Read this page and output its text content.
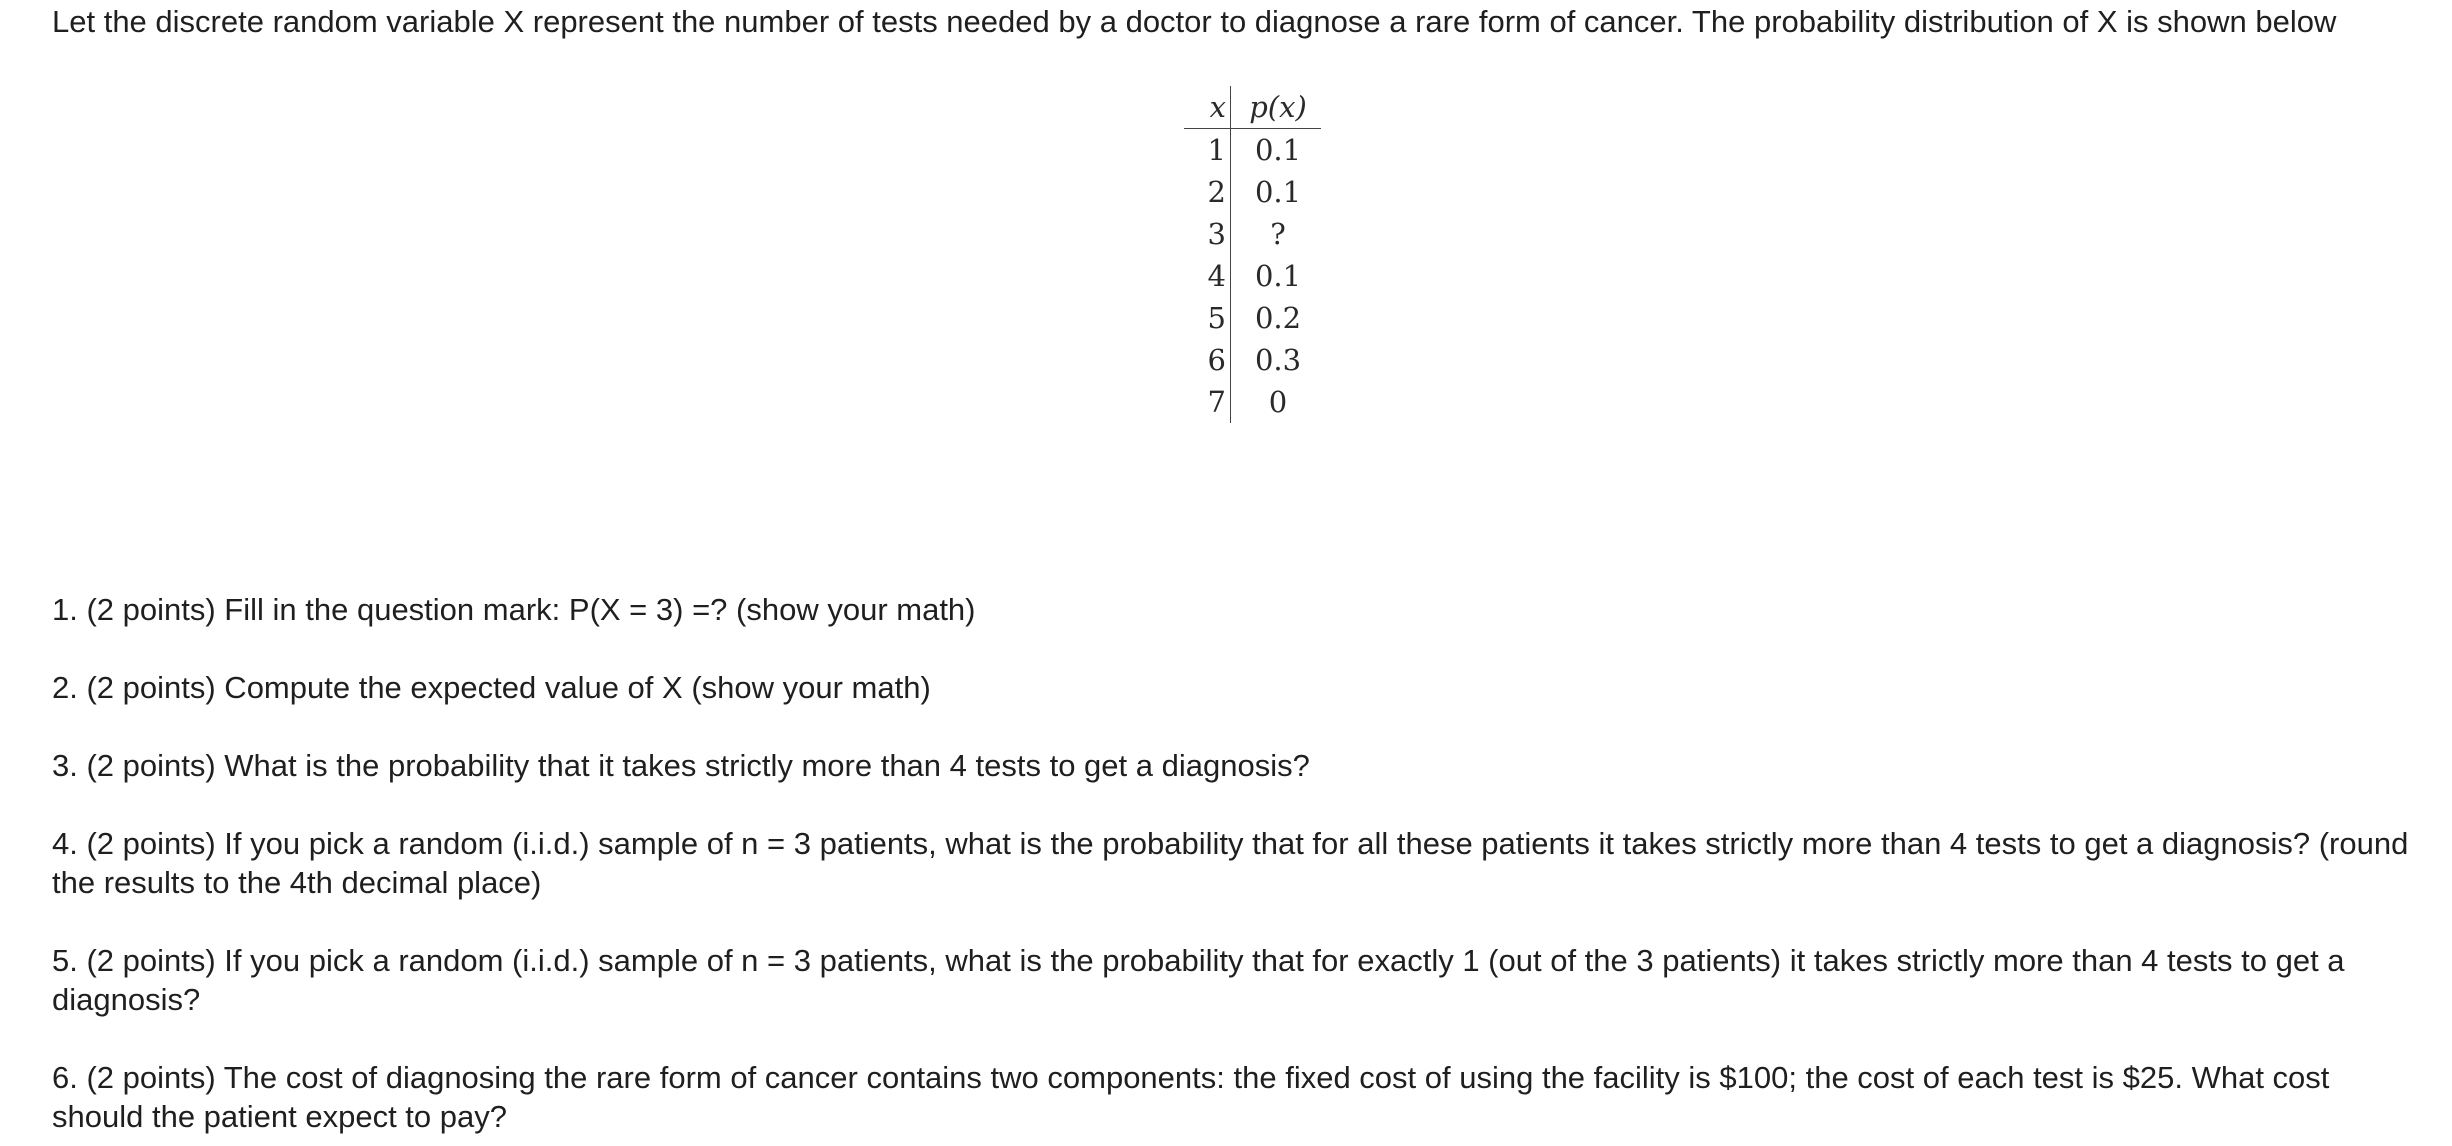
Let the discrete random variable X represent the number of tests needed by a doctor to diagnose a rare form of cancer. The probability distribution of X is shown below

x	p(x)
1	0.1
2	0.1
3	?
4	0.1
5	0.2
6	0.3
7	0

1. (2 points) Fill in the question mark: P(X = 3) =? (show your math)

2. (2 points) Compute the expected value of X (show your math)

3. (2 points) What is the probability that it takes strictly more than 4 tests to get a diagnosis?

4. (2 points) If you pick a random (i.i.d.) sample of n = 3 patients, what is the probability that for all these patients it takes strictly more than 4 tests to get a diagnosis? (round the results to the 4th decimal place)

5. (2 points) If you pick a random (i.i.d.) sample of n = 3 patients, what is the probability that for exactly 1 (out of the 3 patients) it takes strictly more than 4 tests to get a diagnosis?

6. (2 points) The cost of diagnosing the rare form of cancer contains two components: the fixed cost of using the facility is $100; the cost of each test is $25. What cost should the patient expect to pay?
